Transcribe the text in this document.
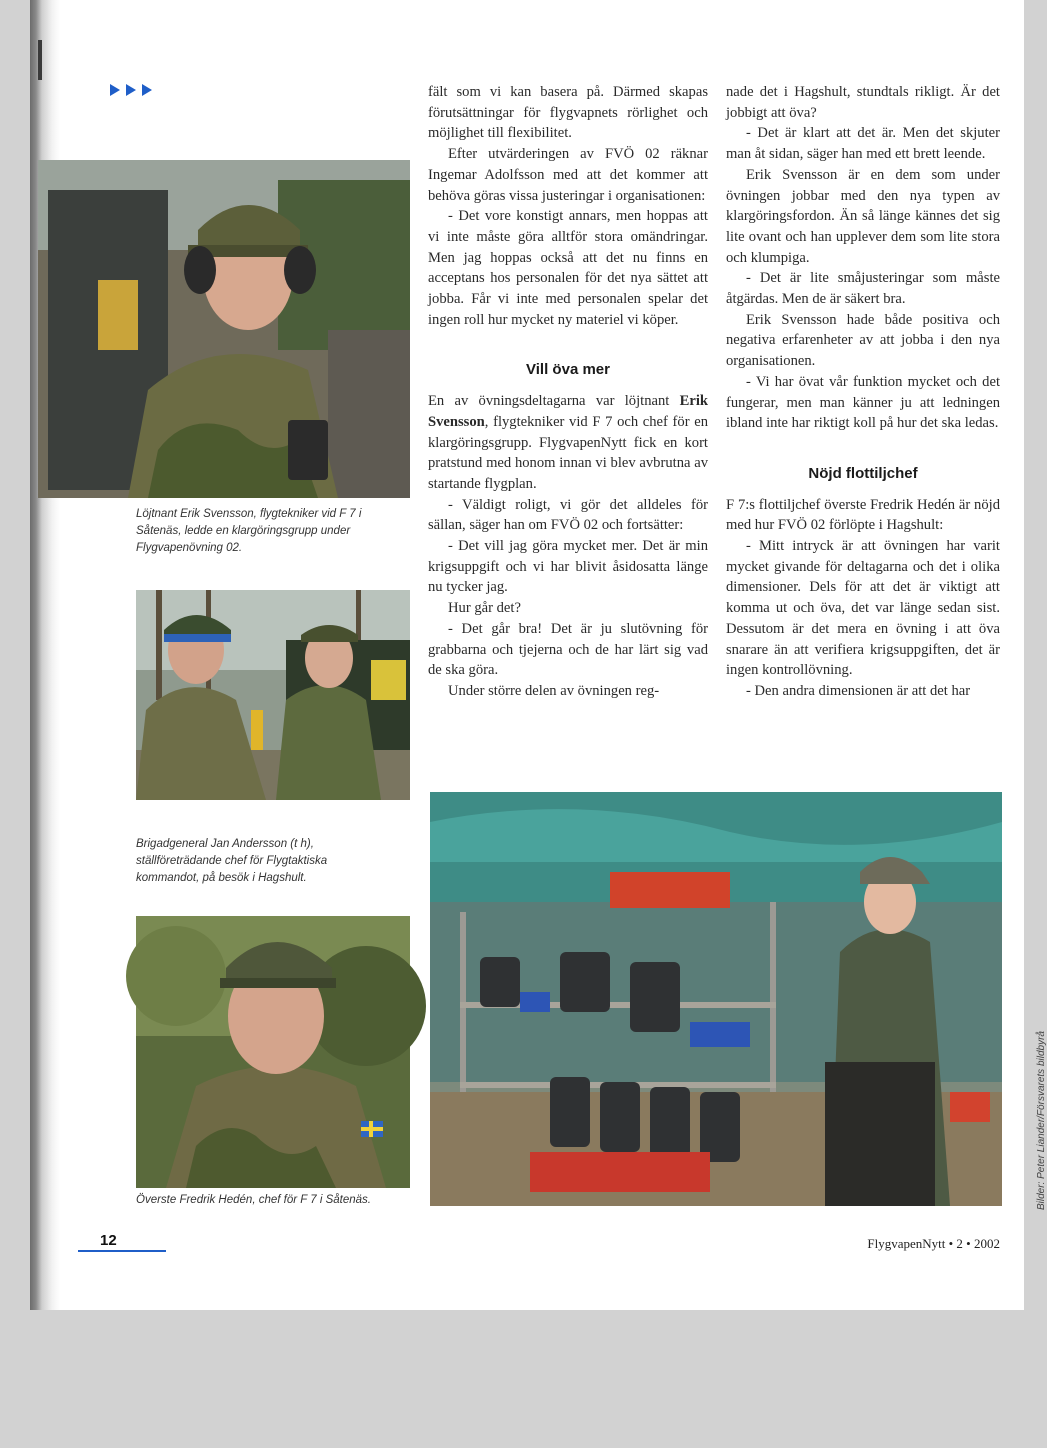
Löjtnant Erik Svensson, flygtekniker vid F 7 i Såtenäs, ledde en klargöringsgrupp under Flygvapenövning 02.
Brigadgeneral Jan Andersson (t h), ställföreträdande chef för Flygtaktiska kommandot, på besök i Hagshult.
Överste Fredrik Hedén, chef för F 7 i Såtenäs.

fält som vi kan basera på. Därmed skapas förutsättningar för flygvapnets rörlighet och möjlighet till flexibilitet.

Efter utvärderingen av FVÖ 02 räknar Ingemar Adolfsson med att det kommer att behöva göras vissa justeringar i organisationen:

- Det vore konstigt annars, men hoppas att vi inte måste göra alltför stora omändringar. Men jag hoppas också att det nu finns en acceptans hos personalen för det nya sättet att jobba. Får vi inte med personalen spelar det ingen roll hur mycket ny materiel vi köper.

Vill öva mer

En av övningsdeltagarna var löjtnant Erik Svensson, flygtekniker vid F 7 och chef för en klargöringsgrupp. FlygvapenNytt fick en kort pratstund med honom innan vi blev avbrutna av startande flygplan.

- Väldigt roligt, vi gör det alldeles för sällan, säger han om FVÖ 02 och fortsätter:

- Det vill jag göra mycket mer. Det är min krigsuppgift och vi har blivit åsidosatta länge nu tycker jag.

Hur går det?

- Det går bra! Det är ju slutövning för grabbarna och tjejerna och de har lärt sig vad de ska göra.

Under större delen av övningen reg-

nade det i Hagshult, stundtals rikligt. Är det jobbigt att öva?

- Det är klart att det är. Men det skjuter man åt sidan, säger han med ett brett leende.

Erik Svensson är en dem som under övningen jobbar med den nya typen av klargöringsfordon. Än så länge kännes det sig lite ovant och han upplever dem som lite stora och klumpiga.

- Det är lite småjusteringar som måste åtgärdas. Men de är säkert bra.

Erik Svensson hade både positiva och negativa erfarenheter av att jobba i den nya organisationen.

- Vi har övat vår funktion mycket och det fungerar, men man känner ju att ledningen ibland inte har riktigt koll på hur det ska ledas.

Nöjd flottiljchef

F 7:s flottiljchef överste Fredrik Hedén är nöjd med hur FVÖ 02 förlöpte i Hagshult:

- Mitt intryck är att övningen har varit mycket givande för deltagarna och det i olika dimensioner. Dels för att det är viktigt att komma ut och öva, det var länge sedan sist. Dessutom är det mera en övning i att öva snarare än att verifiera krigsuppgiften, det är ingen kontrollövning.

- Den andra dimensionen är att det har

Bilder: Peter Liander/Försvarets bildbyrå
12	FlygvapenNytt • 2 • 2002
